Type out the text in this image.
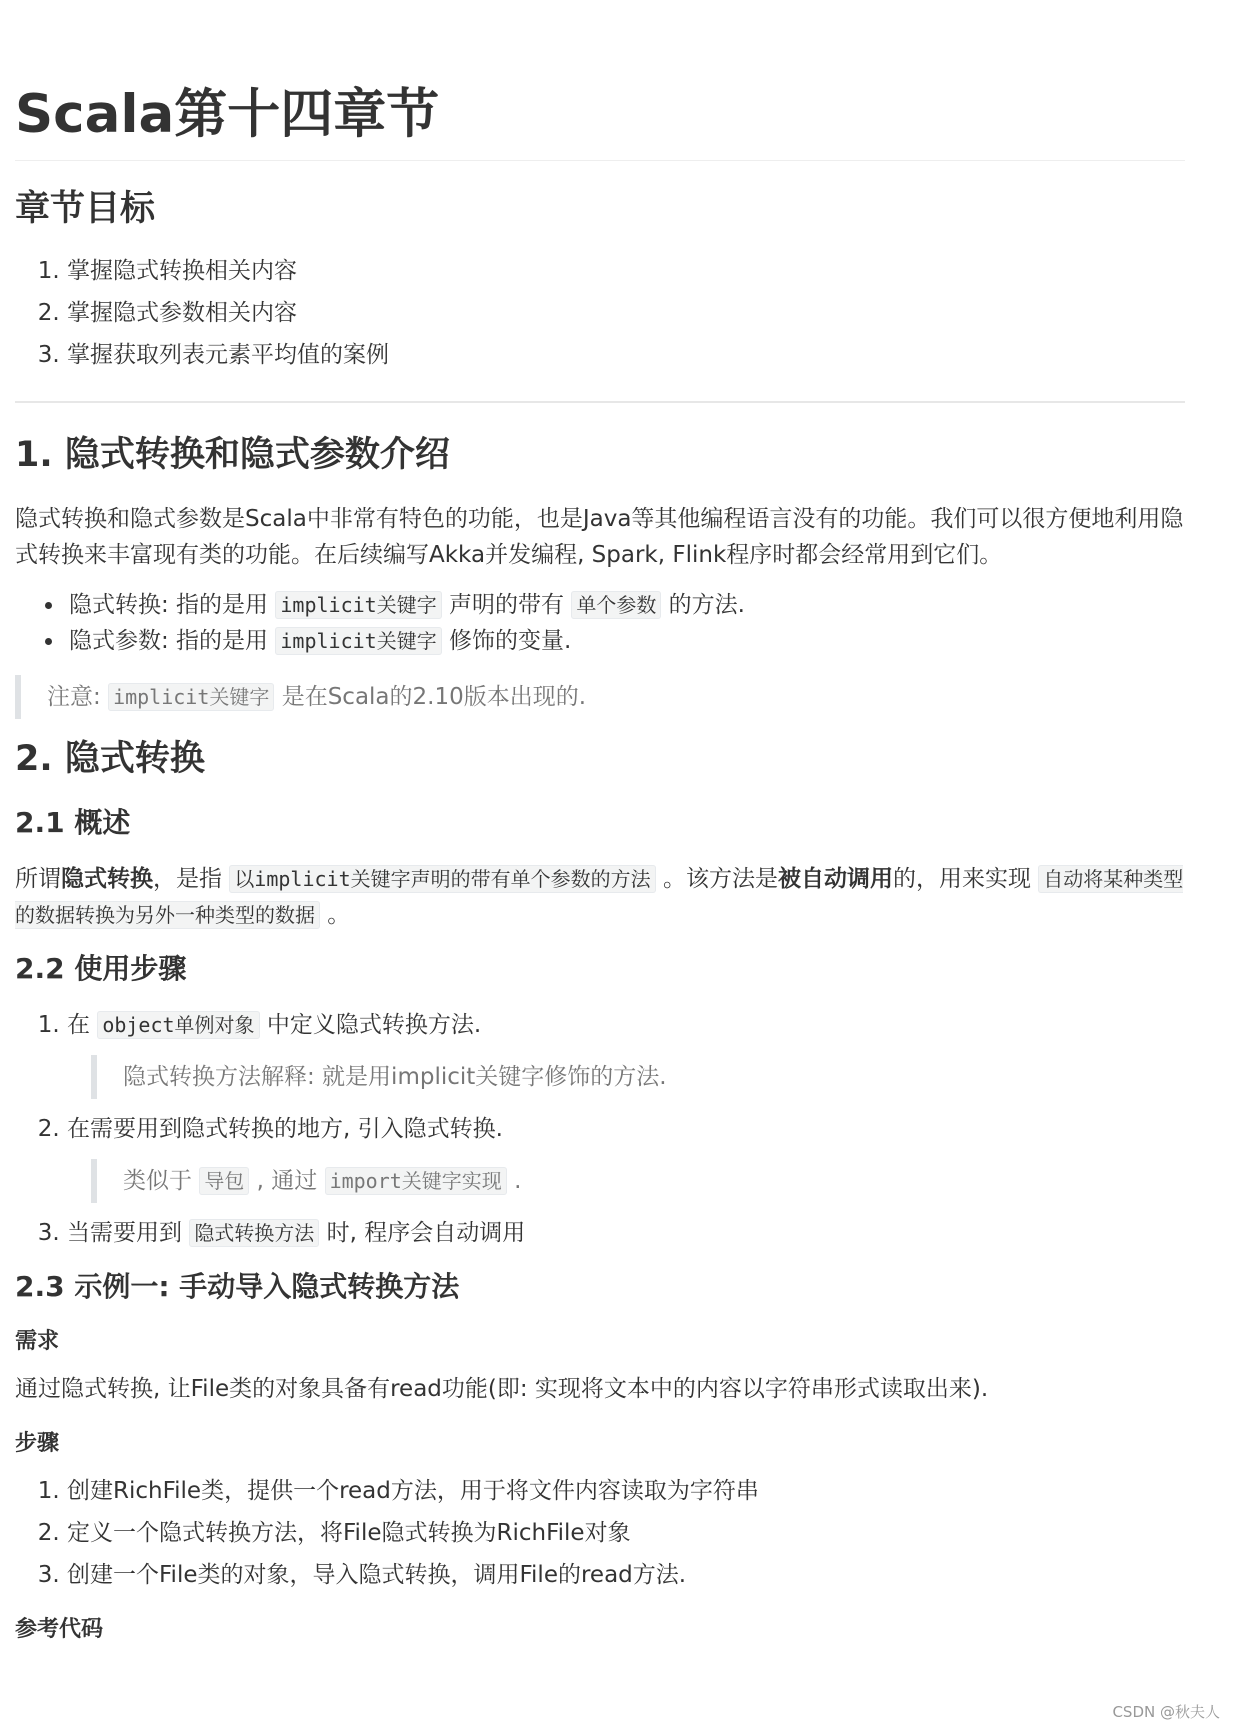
Scala第十四章节
章节目标
1. 掌握隐式转换相关内容
2. 掌握隐式参数相关内容
3. 掌握获取列表元素平均值的案例
1. 隐式转换和隐式参数介绍

隐式转换和隐式参数是Scala中非常有特色的功能，也是Java等其他编程语言没有的功能。我们可以很方便地利用隐式转换来丰富现有类的功能。在后续编写Akka并发编程, Spark, Flink程序时都会经常用到它们。

• 隐式转换: 指的是用 implicit关键字 声明的带有 单个参数 的方法.
• 隐式参数: 指的是用 implicit关键字 修饰的变量.
注意: implicit关键字 是在Scala的2.10版本出现的.
2. 隐式转换
2.1 概述

所谓隐式转换，是指 以implicit关键字声明的带有单个参数的方法 。该方法是被自动调用的，用来实现 自动将某种类型的数据转换为另外一种类型的数据 。

2.2 使用步骤
1. 在 object单例对象 中定义隐式转换方法.
隐式转换方法解释: 就是用implicit关键字修饰的方法.
2. 在需要用到隐式转换的地方, 引入隐式转换.
类似于 导包 , 通过 import关键字实现 .
3. 当需要用到 隐式转换方法 时, 程序会自动调用
2.3 示例一: 手动导入隐式转换方法
需求

通过隐式转换, 让File类的对象具备有read功能(即: 实现将文本中的内容以字符串形式读取出来).

步骤
1. 创建RichFile类，提供一个read方法，用于将文件内容读取为字符串
2. 定义一个隐式转换方法，将File隐式转换为RichFile对象
3. 创建一个File类的对象，导入隐式转换，调用File的read方法.
参考代码
CSDN @秋夫人
